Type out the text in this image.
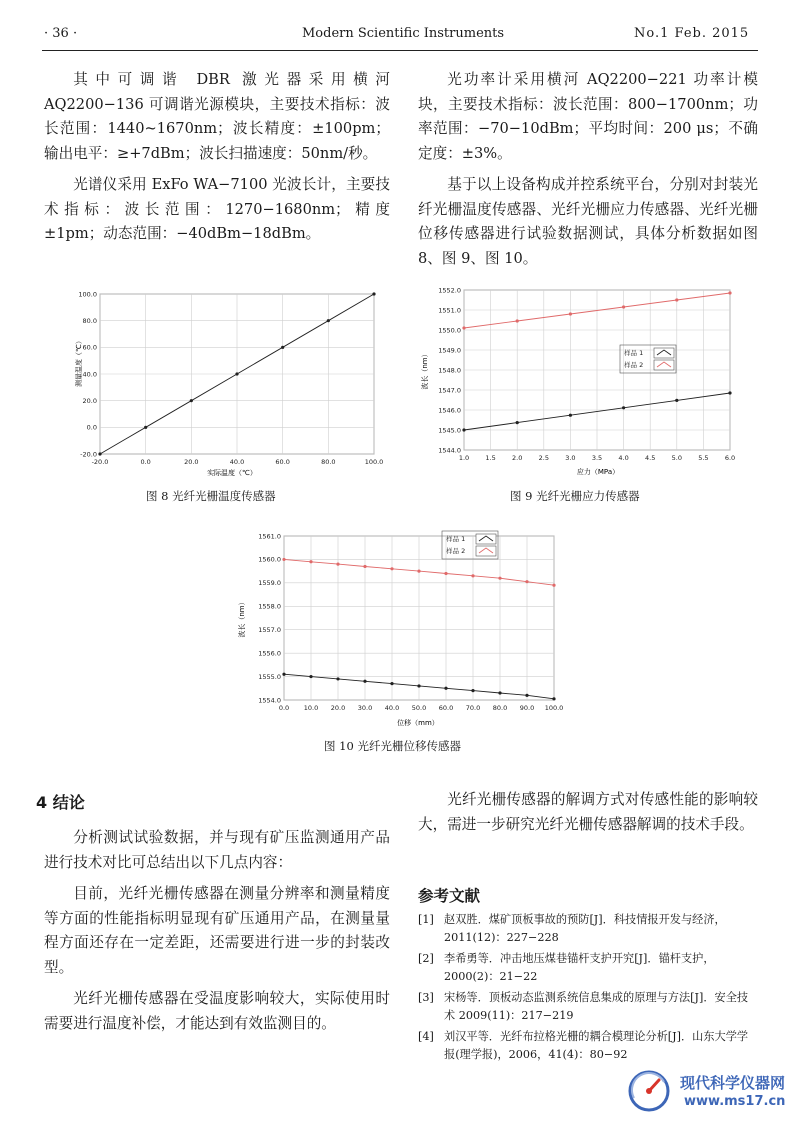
· 36 ·	Modern Scientific Instruments	No.1 Feb. 2015

其中可调谐 DBR 激光器采用横河 AQ2200−136 可调谐光源模块，主要技术指标：波长范围：1440~1670nm；波长精度：±100pm；输出电平：≥+7dBm；波长扫描速度：50nm/秒。

光谱仪采用 ExFo WA−7100 光波长计，主要技术指标：波长范围：1270−1680nm；精度 ±1pm；动态范围：−40dBm−18dBm。

光功率计采用横河 AQ2200−221 功率计模块，主要技术指标：波长范围：800−1700nm；功率范围：−70−10dBm；平均时间：200 μs；不确定度：±3%。

基于以上设备构成并控系统平台，分别对封装光纤光栅温度传感器、光纤光栅应力传感器、光纤光栅位移传感器进行试验数据测试，具体分析数据如图 8、图 9、图 10。

-20.0	0.0	20.0	40.0	60.0	80.0	100.0
-20.0
0.0
20.0
40.0
60.0
80.0
100.0
实际温度（℃）
测量温度（℃）
图 8 光纤光栅温度传感器
1.0	1.5	2.0	2.5	3.0	3.5	4.0	4.5	5.0	5.5	6.0
1544.0
1545.0
1546.0
1547.0
1548.0
1549.0
1550.0
1551.0
1552.0
样品 1
样品 2
应力（MPa）
波长（nm）
图 9 光纤光栅应力传感器
0.0 10.0 20.0 30.0 40.0 50.0 60.0 70.0 80.0 90.0 100.0
1554.0
1555.0
1556.0
1557.0
1558.0
1559.0
1560.0
1561.0	样品 1
样品 2
位移（mm）
波长（nm）
图 10 光纤光栅位移传感器
4 结论

分析测试试验数据，并与现有矿压监测通用产品进行技术对比可总结出以下几点内容：

目前，光纤光栅传感器在测量分辨率和测量精度等方面的性能指标明显现有矿压通用产品，在测量量程方面还存在一定差距，还需要进行进一步的封装改型。

光纤光栅传感器在受温度影响较大，实际使用时需要进行温度补偿，才能达到有效监测目的。

光纤光栅传感器的解调方式对传感性能的影响较大，需进一步研究光纤光栅传感器解调的技术手段。

参考文献
[1] 赵双胜．煤矿顶板事故的预防[J]．科技情报开发与经济，2011(12)：227−228
[2] 李希勇等．冲击地压煤巷锚杆支护开究[J]．锚杆支护，2000(2)：21−22
[3] 宋杨等．顶板动态监测系统信息集成的原理与方法[J]．安全技术 2009(11)：217−219
[4] 刘汉平等．光纤布拉格光栅的耦合模理论分析[J]．山东大学学报(理学报)，2006，41(4)：80−92
现代科学仪器网
www.ms17.cn
